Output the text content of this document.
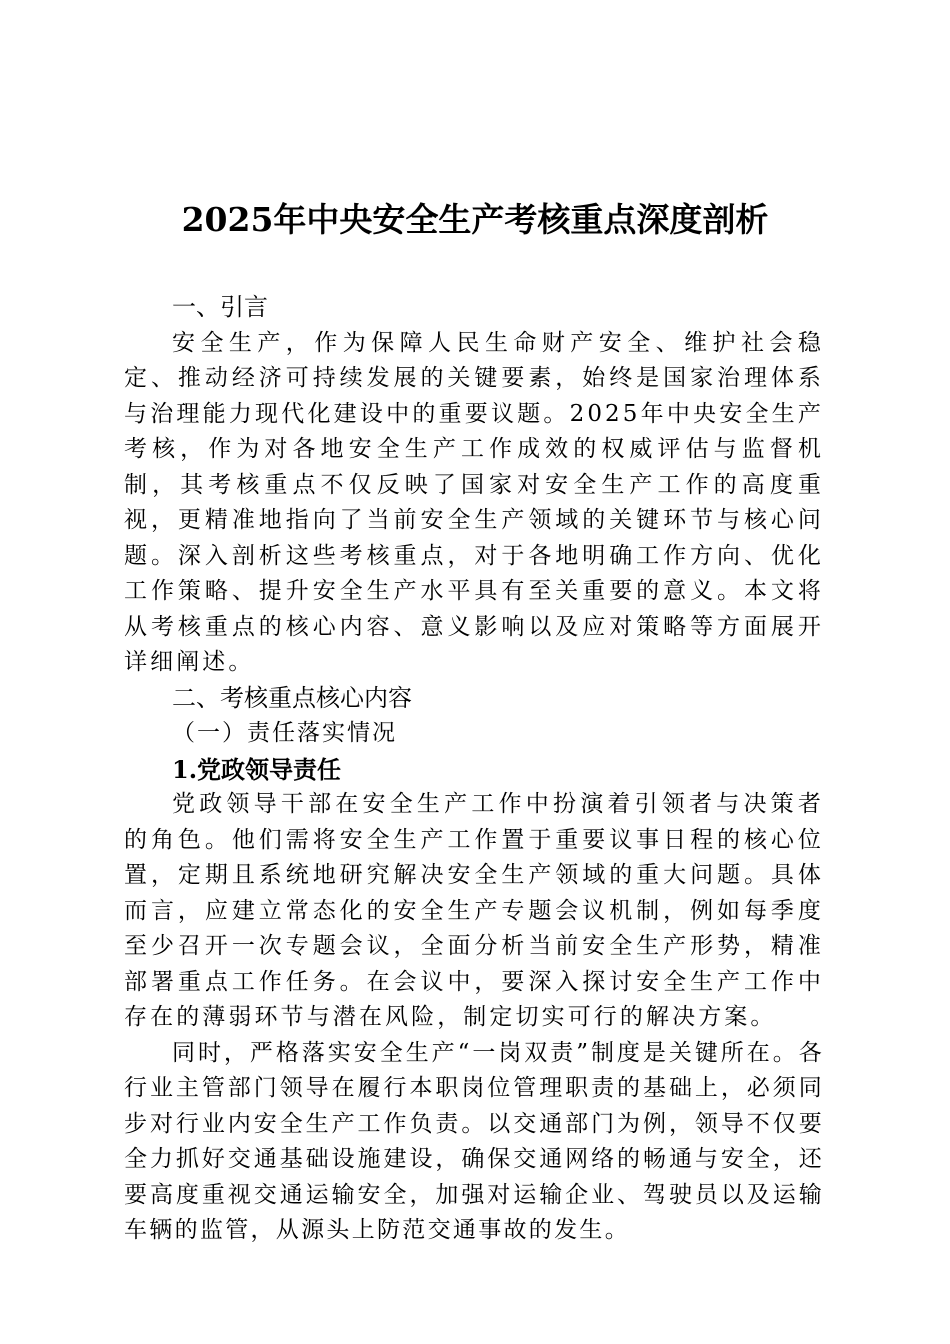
2025年中央安全生产考核重点深度剖析

一、引言

安全生产，作为保障人民生命财产安全、维护社会稳定、推动经济可持续发展的关键要素，始终是国家治理体系与治理能力现代化建设中的重要议题。2025年中央安全生产考核，作为对各地安全生产工作成效的权威评估与监督机制，其考核重点不仅反映了国家对安全生产工作的高度重视，更精准地指向了当前安全生产领域的关键环节与核心问题。深入剖析这些考核重点，对于各地明确工作方向、优化工作策略、提升安全生产水平具有至关重要的意义。本文将从考核重点的核心内容、意义影响以及应对策略等方面展开详细阐述。

二、考核重点核心内容

（一）责任落实情况

1.党政领导责任

党政领导干部在安全生产工作中扮演着引领者与决策者的角色。他们需将安全生产工作置于重要议事日程的核心位置，定期且系统地研究解决安全生产领域的重大问题。具体而言，应建立常态化的安全生产专题会议机制，例如每季度至少召开一次专题会议，全面分析当前安全生产形势，精准部署重点工作任务。在会议中，要深入探讨安全生产工作中存在的薄弱环节与潜在风险，制定切实可行的解决方案。

同时，严格落实安全生产“一岗双责”制度是关键所在。各行业主管部门领导在履行本职岗位管理职责的基础上，必须同步对行业内安全生产工作负责。以交通部门为例，领导不仅要全力抓好交通基础设施建设，确保交通网络的畅通与安全，还要高度重视交通运输安全，加强对运输企业、驾驶员以及运输车辆的监管，从源头上防范交通事故的发生。
